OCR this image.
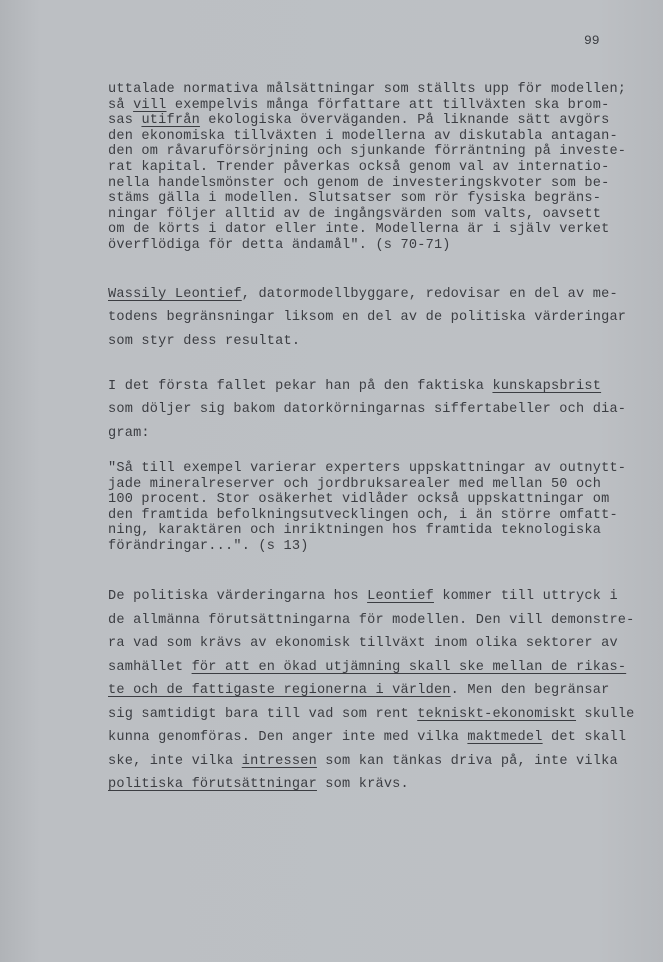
99
uttalade normativa målsättningar som ställts upp för modellen;
så vill exempelvis många författare att tillväxten ska brom-
sas utifrån ekologiska överväganden. På liknande sätt avgörs
den ekonomiska tillväxten i modellerna av diskutabla antagan-
den om råvaruförsörjning och sjunkande förräntning på investe-
rat kapital. Trender påverkas också genom val av internatio-
nella handelsmönster och genom de investeringskvoter som be-
stäms gälla i modellen. Slutsatser som rör fysiska begräns-
ningar följer alltid av de ingångsvärden som valts, oavsett
om de körts i dator eller inte. Modellerna är i själv verket
överflödiga för detta ändamål". (s 70-71)
Wassily Leontief, datormodellbyggare, redovisar en del av me-
todens begränsningar liksom en del av de politiska värderingar
som styr dess resultat.
I det första fallet pekar han på den faktiska kunskapsbrist
som döljer sig bakom datorkörningarnas siffertabeller och dia-
gram:
"Så till exempel varierar experters uppskattningar av outnytt-
jade mineralreserver och jordbruksarealer med mellan 50 och
100 procent. Stor osäkerhet vidlåder också uppskattningar om
den framtida befolkningsutvecklingen och, i än större omfatt-
ning, karaktären och inriktningen hos framtida teknologiska
förändringar...". (s 13)
De politiska värderingarna hos Leontief kommer till uttryck i
de allmänna förutsättningarna för modellen. Den vill demonstre-
ra vad som krävs av ekonomisk tillväxt inom olika sektorer av
samhället för att en ökad utjämning skall ske mellan de rikas-
te och de fattigaste regionerna i världen. Men den begränsar
sig samtidigt bara till vad som rent tekniskt-ekonomiskt skulle
kunna genomföras. Den anger inte med vilka maktmedel det skall
ske, inte vilka intressen som kan tänkas driva på, inte vilka
politiska förutsättningar som krävs.
